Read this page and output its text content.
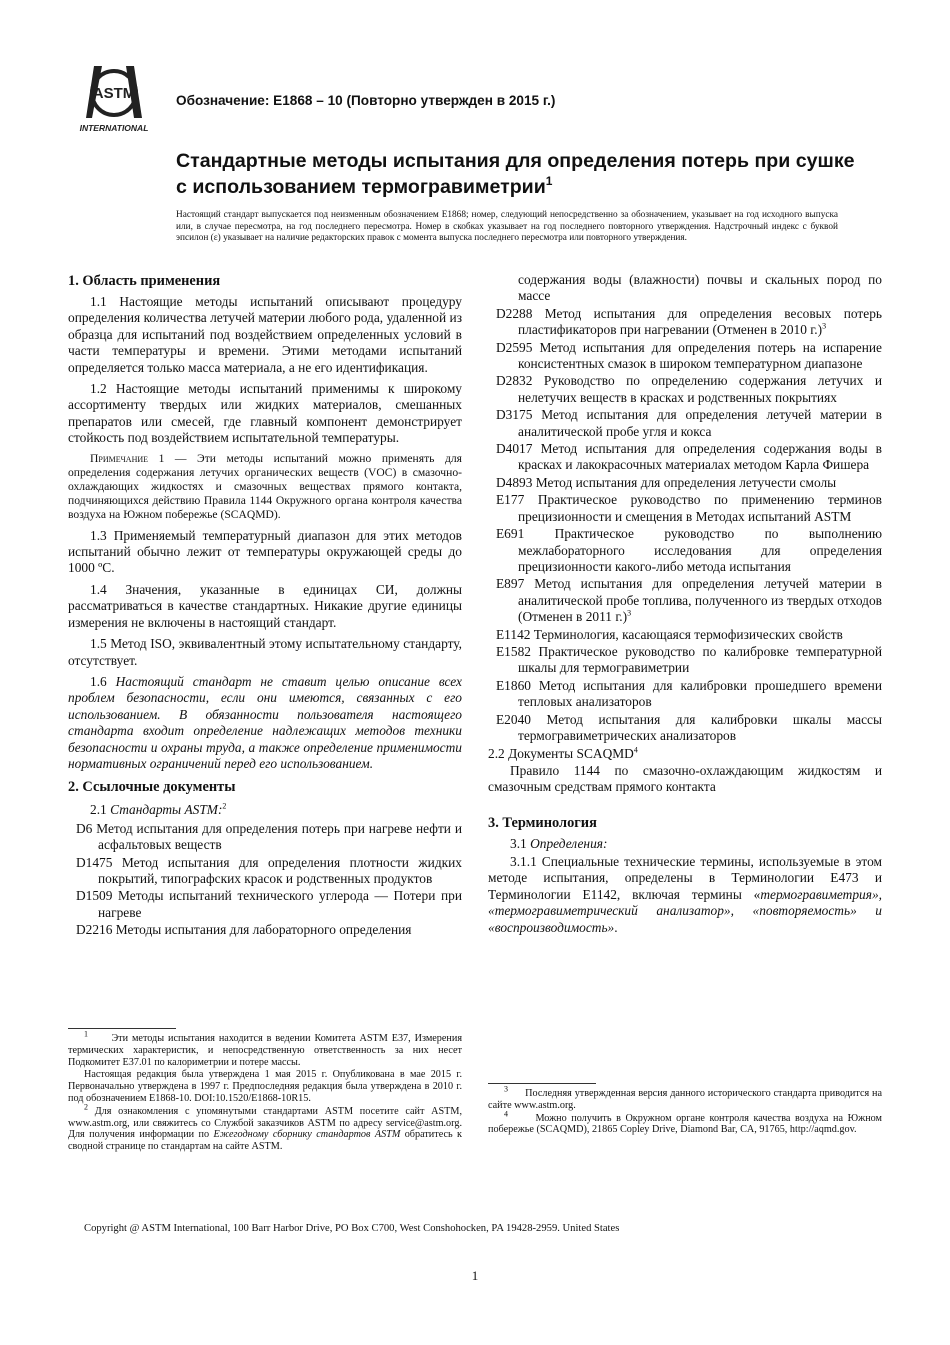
ASTM
INTERNATIONAL
Обозначение: E1868 – 10 (Повторно утвержден в 2015 г.)
Стандартные методы испытания для определения потерь при сушке с использованием термогравиметрии$^1$
Настоящий стандарт выпускается под неизменным обозначением E1868; номер, следующий непосредственно за обозначением, указывает на год исходного выпуска или, в случае пересмотра, на год последнего пересмотра. Номер в скобках указывает на год последнего повторного утверждения. Надстрочный индекс с буквой эпсилон (ε) указывает на наличие редакторских правок с момента выпуска последнего пересмотра или повторного утверждения.
1. Область применения
1.1 Настоящие методы испытаний описывают процедуру определения количества летучей материи любого рода, удаленной из образца для испытаний под воздействием определенных условий в части температуры и времени. Этими методами испытаний определяется только масса материала, а не его идентификация.
1.2 Настоящие методы испытаний применимы к широкому ассортименту твердых или жидких материалов, смешанных препаратов или смесей, где главный компонент демонстрирует стойкость под воздействием испытательной температуры.
Примечание 1 — Эти методы испытаний можно применять для определения содержания летучих органических веществ (VOC) в смазочно-охлаждающих жидкостях и смазочных веществах прямого контакта, подчиняющихся действию Правила 1144 Окружного органа контроля качества воздуха на Южном побережье (SCAQMD).
1.3 Применяемый температурный диапазон для этих методов испытаний обычно лежит от температуры окружающей среды до 1000 ºС.
1.4 Значения, указанные в единицах СИ, должны рассматриваться в качестве стандартных. Никакие другие единицы измерения не включены в настоящий стандарт.
1.5 Метод ISO, эквивалентный этому испытательному стандарту, отсутствует.
1.6 Настоящий стандарт не ставит целью описание всех проблем безопасности, если они имеются, связанных с его использованием. В обязанности пользователя настоящего стандарта входит определение надлежащих методов техники безопасности и охраны труда, а также определение применимости нормативных ограничений перед его использованием.
2. Ссылочные документы
2.1 Стандарты ASTM:$^2$
D6 Метод испытания для определения потерь при нагреве нефти и асфальтовых веществ
D1475 Метод испытания для определения плотности жидких покрытий, типографских красок и родственных продуктов
D1509 Методы испытаний технического углерода — Потери при нагреве
D2216 Методы испытания для лабораторного определения

$^1$ Эти методы испытания находится в ведении Комитета ASTM E37, Измерения термических характеристик, и непосредственную ответственность за них несет Подкомитет E37.01 по калориметрии и потере массы.

Настоящая редакция была утверждена 1 мая 2015 г. Опубликована в мае 2015 г. Первоначально утверждена в 1997 г. Предпоследняя редакция была утверждена в 2010 г. под обозначением E1868-10. DOI:10.1520/E1868-10R15.

$^2$ Для ознакомления с упомянутыми стандартами ASTM посетите сайт ASTM, www.astm.org, или свяжитесь со Службой заказчиков ASTM по адресу service@astm.org. Для получения информации по Ежегодному сборнику стандартов ASTM обратитесь к сводной странице по стандартам на сайте ASTM.

содержания воды (влажности) почвы и скальных пород по массе
D2288 Метод испытания для определения весовых потерь пластификаторов при нагревании (Отменен в 2010 г.)$^3$
D2595 Метод испытания для определения потерь на испарение консистентных смазок в широком температурном диапазоне
D2832 Руководство по определению содержания летучих и нелетучих веществ в красках и родственных покрытиях
D3175 Метод испытания для определения летучей материи в аналитической пробе угля и кокса
D4017 Метод испытания для определения содержания воды в красках и лакокрасочных материалах методом Карла Фишера
D4893 Метод испытания для определения летучести смолы
E177 Практическое руководство по применению терминов прецизионности и смещения в Методах испытаний ASTM
E691 Практическое руководство по выполнению межлабораторного исследования для определения прецизионности какого-либо метода испытания
E897 Метод испытания для определения летучей материи в аналитической пробе топлива, полученного из твердых отходов (Отменен в 2011 г.)$^3$
E1142 Терминология, касающаяся термофизических свойств
E1582 Практическое руководство по калибровке температурной шкалы для термогравиметрии
E1860 Метод испытания для калибровки прошедшего времени тепловых анализаторов
E2040 Метод испытания для калибровки шкалы массы термогравиметрических анализаторов
2.2 Документы SCAQMD$^4$
Правило 1144 по смазочно-охлаждающим жидкостям и смазочным средствам прямого контакта
3. Терминология
3.1 Определения:
3.1.1 Специальные технические термины, используемые в этом методе испытания, определены в Терминологии E473 и Терминологии E1142, включая термины «термогравиметрия», «термогравиметрический анализатор», «повторяемость» и «воспроизводимость».

$^3$ Последняя утвержденная версия данного исторического стандарта приводится на сайте www.astm.org.

$^4$	Можно получить в Окружном органе контроля качества воздуха на Южном побережье (SCAQMD), 21865 Copley Drive, Diamond Bar, CA, 91765, http://aqmd.gov.

Copyright @ ASTM International, 100 Barr Harbor Drive, PO Box C700, West Conshohocken, PA 19428-2959. United States
1
